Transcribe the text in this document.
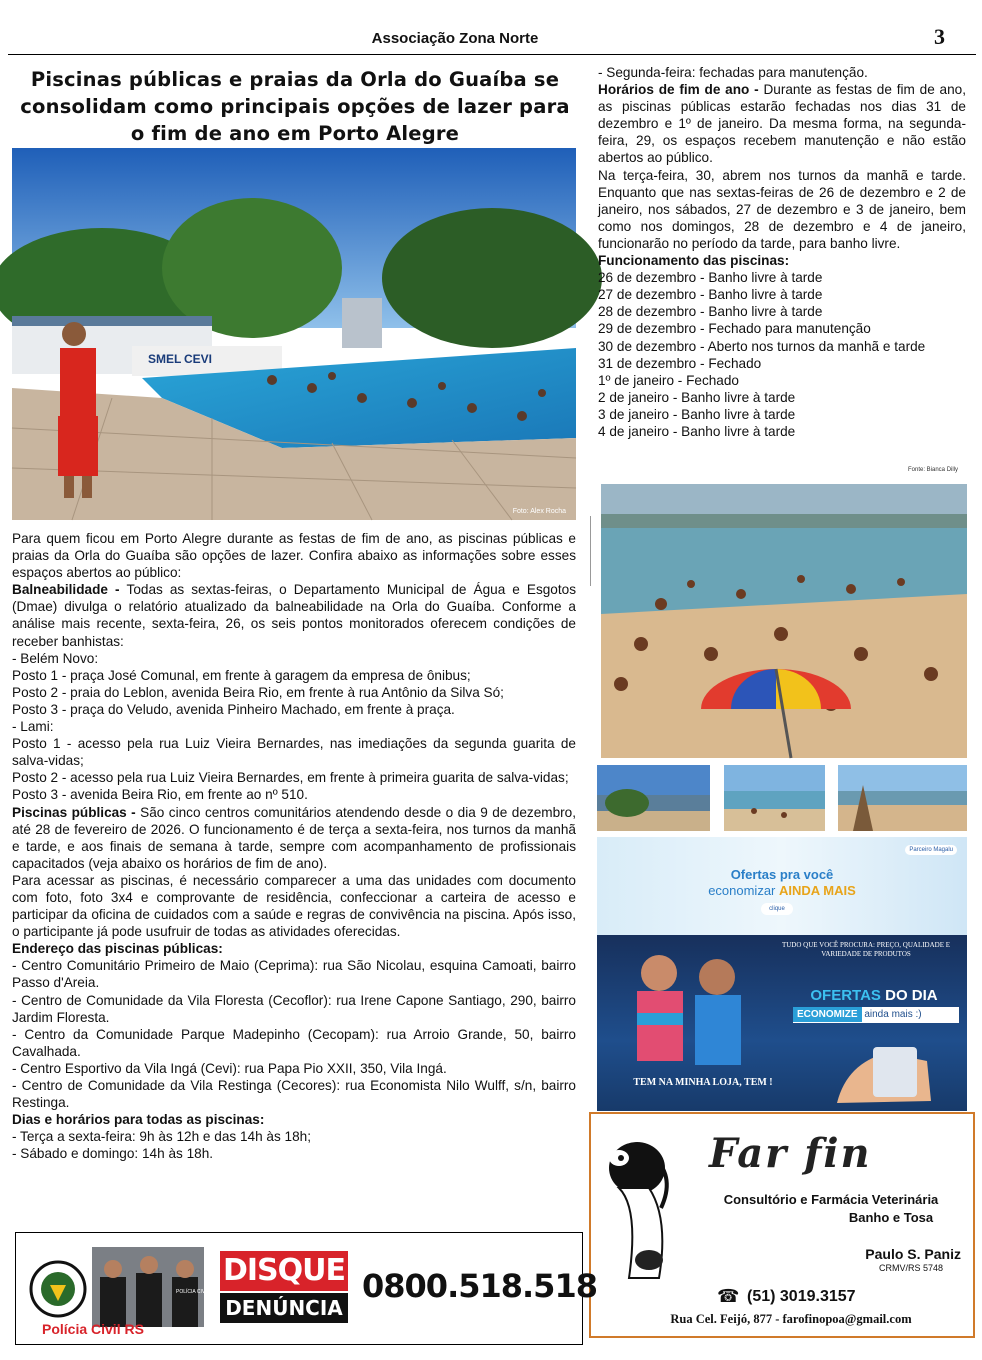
Associação Zona Norte	3
Piscinas públicas e praias da Orla do Guaíba se consolidam como principais opções de lazer para o fim de ano em Porto Alegre
SMEL CEVI
Foto: Alex Rocha

Para quem ficou em Porto Alegre durante as festas de fim de ano, as piscinas públicas e praias da Orla do Guaíba são opções de lazer. Confira abaixo as informações sobre esses espaços abertos ao público:

Balneabilidade - Todas as sextas-feiras, o Departamento Municipal de Água e Esgotos (Dmae) divulga o relatório atualizado da balneabilidade na Orla do Guaíba. Conforme a análise mais recente, sexta-feira, 26, os seis pontos monitorados oferecem condições de receber banhistas:

- Belém Novo:

Posto 1 - praça José Comunal, em frente à garagem da empresa de ônibus;

Posto 2 - praia do Leblon, avenida Beira Rio, em frente à rua Antônio da Silva Só;

Posto 3 - praça do Veludo, avenida Pinheiro Machado, em frente à praça.

- Lami:

Posto 1 - acesso pela rua Luiz Vieira Bernardes, nas imediações da segunda guarita de salva-vidas;

Posto 2 - acesso pela rua Luiz Vieira Bernardes, em frente à primeira guarita de salva-vidas;

Posto 3 - avenida Beira Rio, em frente ao nº 510.

Piscinas públicas - São cinco centros comunitários atendendo desde o dia 9 de dezembro, até 28 de fevereiro de 2026. O funcionamento é de terça a sexta-feira, nos turnos da manhã e tarde, e aos finais de semana à tarde, sempre com acompanhamento de profissionais capacitados (veja abaixo os horários de fim de ano).

Para acessar as piscinas, é necessário comparecer a uma das unidades com documento com foto, foto 3x4 e comprovante de residência, confeccionar a carteira de acesso e participar da oficina de cuidados com a saúde e regras de convivência na piscina. Após isso, o participante já pode usufruir de todas as atividades oferecidas.

Endereço das piscinas públicas:

- Centro Comunitário Primeiro de Maio (Ceprima): rua São Nicolau, esquina Camoati, bairro Passo d'Areia.

- Centro de Comunidade da Vila Floresta (Cecoflor): rua Irene Capone Santiago, 290, bairro Jardim Floresta.

- Centro da Comunidade Parque Madepinho (Cecopam): rua Arroio Grande, 50, bairro Cavalhada.

- Centro Esportivo da Vila Ingá (Cevi): rua Papa Pio XXII, 350, Vila Ingá.

- Centro de Comunidade da Vila Restinga (Cecores): rua Economista Nilo Wulff, s/n, bairro Restinga.

Dias e horários para todas as piscinas:

- Terça a sexta-feira: 9h às 12h e das 14h às 18h;

- Sábado e domingo: 14h às 18h.

- Segunda-feira: fechadas para manutenção.

Horários de fim de ano - Durante as festas de fim de ano, as piscinas públicas estarão fechadas nos dias 31 de dezembro e 1º de janeiro. Da mesma forma, na segunda-feira, 29, os espaços recebem manutenção e não estão abertos ao público.

Na terça-feira, 30, abrem nos turnos da manhã e tarde. Enquanto que nas sextas-feiras de 26 de dezembro e 2 de janeiro, nos sábados, 27 de dezembro e 3 de janeiro, bem como nos domingos, 28 de dezembro e 4 de janeiro, funcionarão no período da tarde, para banho livre.

Funcionamento das piscinas:

26 de dezembro - Banho livre à tarde

27 de dezembro - Banho livre à tarde

28 de dezembro - Banho livre à tarde

29 de dezembro - Fechado para manutenção

30 de dezembro - Aberto nos turnos da manhã e tarde

31 de dezembro - Fechado

1º de janeiro - Fechado

2 de janeiro - Banho livre à tarde

3 de janeiro - Banho livre à tarde

4 de janeiro - Banho livre à tarde

Fonte: Bianca Dilly
Parceiro Magalu
Ofertas pra você
economizar AINDA MAIS
clique
TUDO QUE VOCÊ PROCURA: PREÇO, QUALIDADE E VARIEDADE DE PRODUTOS
OFERTAS DO DIA
ECONOMIZE ainda mais :)
TEM NA MINHA LOJA, TEM !
Far fin
Consultório e Farmácia Veterinária
Banho e Tosa
Paulo S. Paniz
CRMV/RS 5748
☎ (51) 3019.3157
Rua Cel. Feijó, 877 - farofinopoa@gmail.com
POLÍCIA CIVIL
Polícia Civil RS
DISQUE
DENÚNCIA
0800.518.518
